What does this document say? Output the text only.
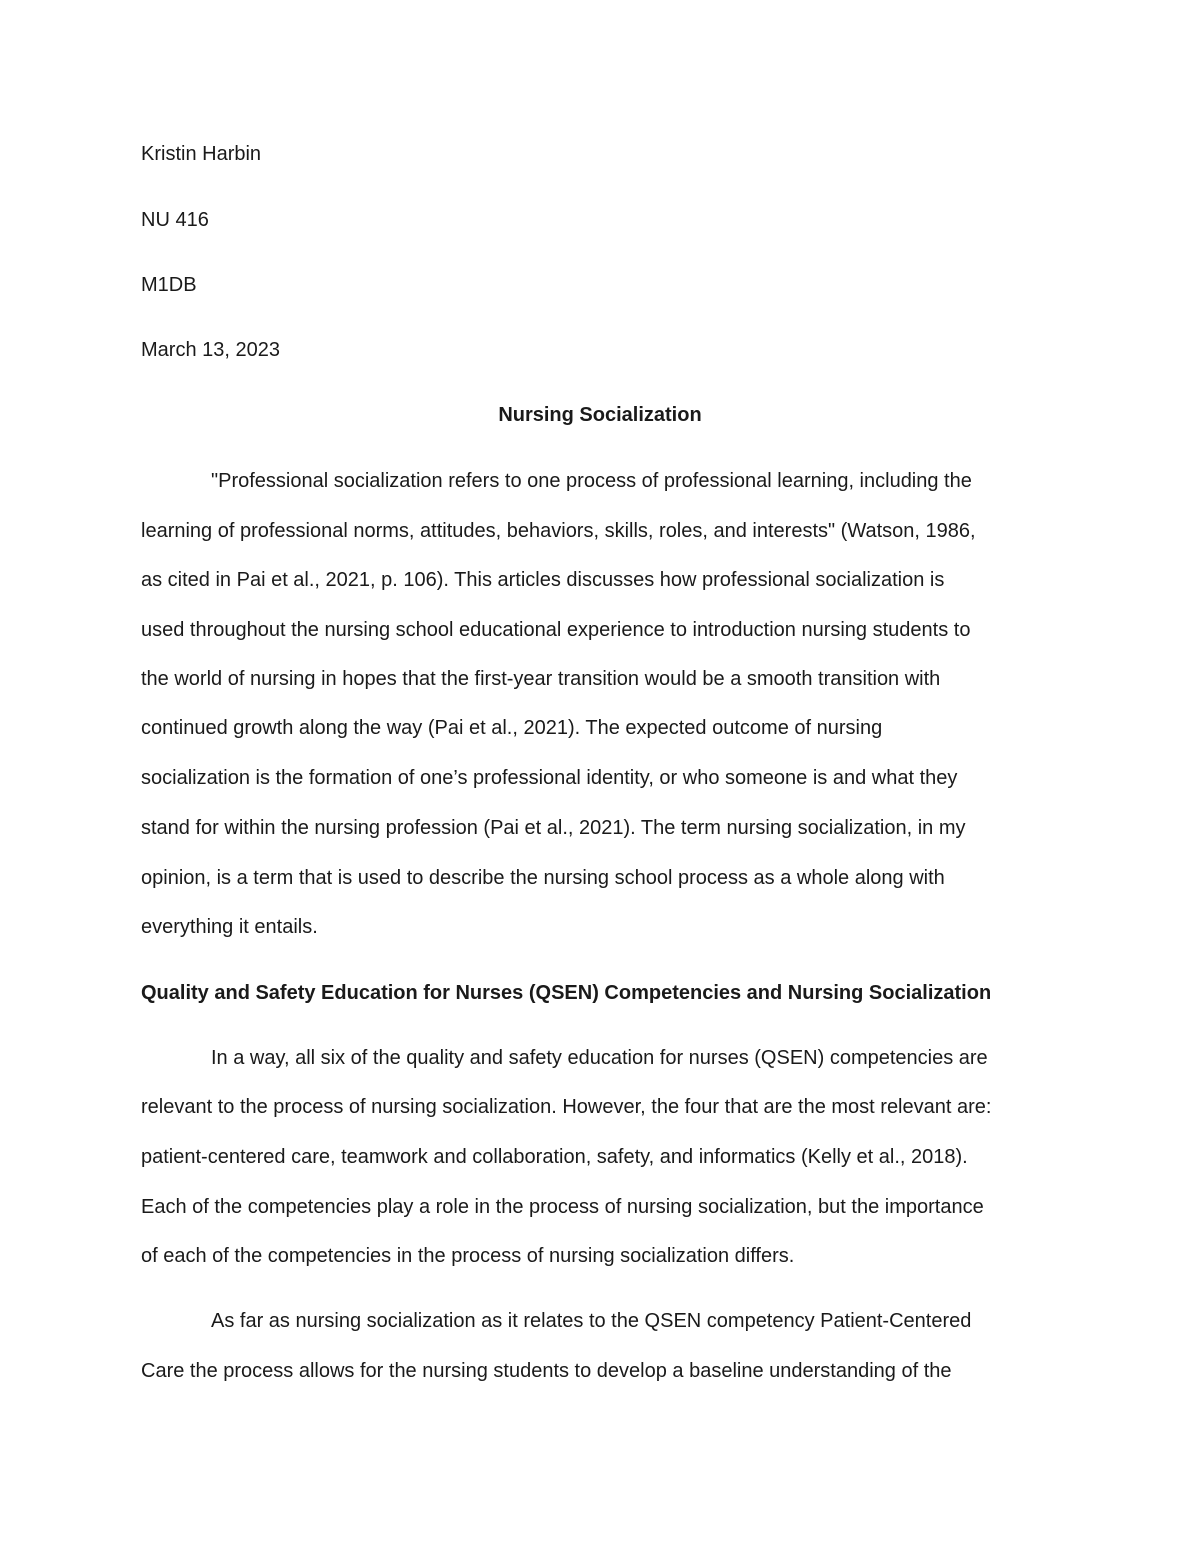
Kristin Harbin

NU 416

M1DB

March 13, 2023

Nursing Socialization

"Professional socialization refers to one process of professional learning, including the

learning of professional norms, attitudes, behaviors, skills, roles, and interests" (Watson, 1986,

as cited in Pai et al., 2021, p. 106). This articles discusses how professional socialization is

used throughout the nursing school educational experience to introduction nursing students to

the world of nursing in hopes that the first-year transition would be a smooth transition with

continued growth along the way (Pai et al., 2021). The expected outcome of nursing

socialization is the formation of one’s professional identity, or who someone is and what they

stand for within the nursing profession (Pai et al., 2021). The term nursing socialization, in my

opinion, is a term that is used to describe the nursing school process as a whole along with

everything it entails.

Quality and Safety Education for Nurses (QSEN) Competencies and Nursing Socialization

In a way, all six of the quality and safety education for nurses (QSEN) competencies are

relevant to the process of nursing socialization. However, the four that are the most relevant are:

patient-centered care, teamwork and collaboration, safety, and informatics (Kelly et al., 2018).

Each of the competencies play a role in the process of nursing socialization, but the importance

of each of the competencies in the process of nursing socialization differs.

As far as nursing socialization as it relates to the QSEN competency Patient-Centered

Care the process allows for the nursing students to develop a baseline understanding of the
